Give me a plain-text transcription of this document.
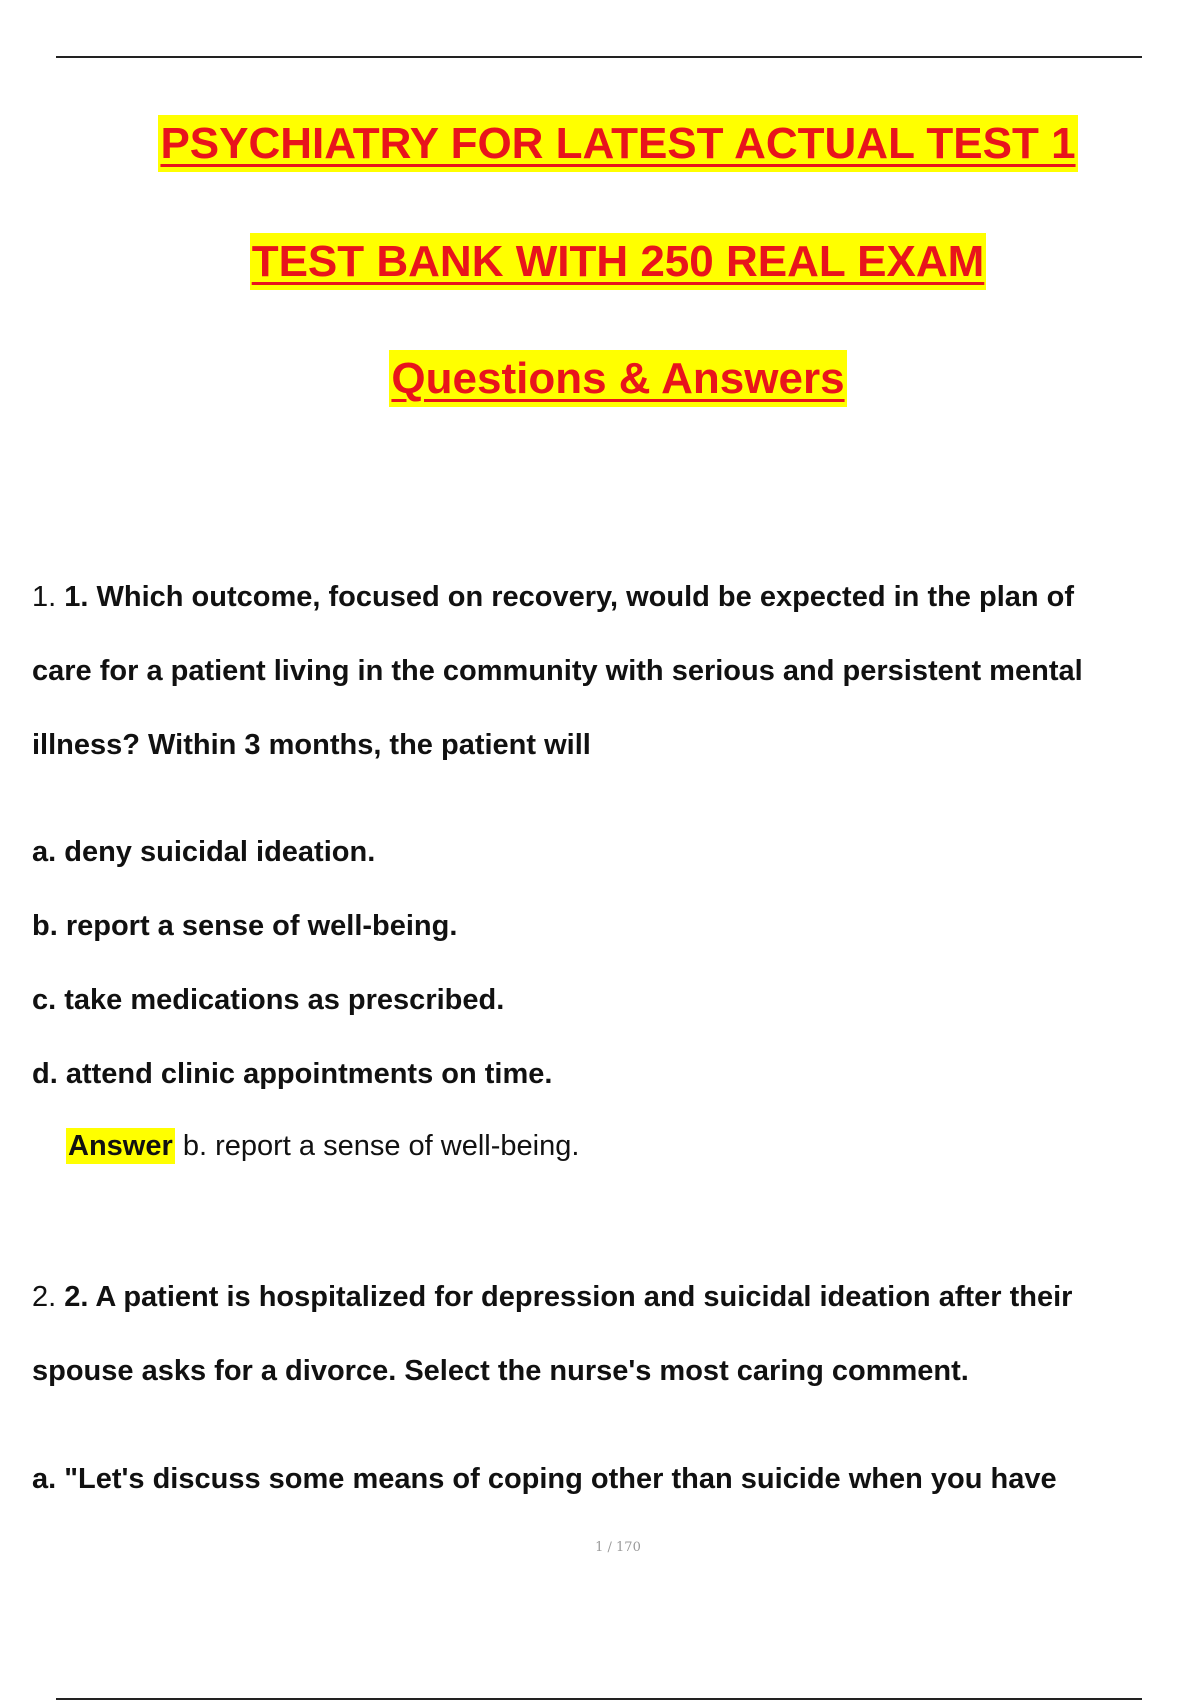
PSYCHIATRY FOR LATEST ACTUAL TEST 1
TEST BANK WITH 250 REAL EXAM
Questions & Answers
1. 1. Which outcome, focused on recovery, would be expected in the plan of
care for a patient living in the community with serious and persistent mental
illness? Within 3 months, the patient will
a. deny suicidal ideation.
b. report a sense of well-being.
c. take medications as prescribed.
d. attend clinic appointments on time.
Answer b. report a sense of well-being.
2. 2. A patient is hospitalized for depression and suicidal ideation after their
spouse asks for a divorce. Select the nurse's most caring comment.
a. "Let's discuss some means of coping other than suicide when you have
1 / 170
